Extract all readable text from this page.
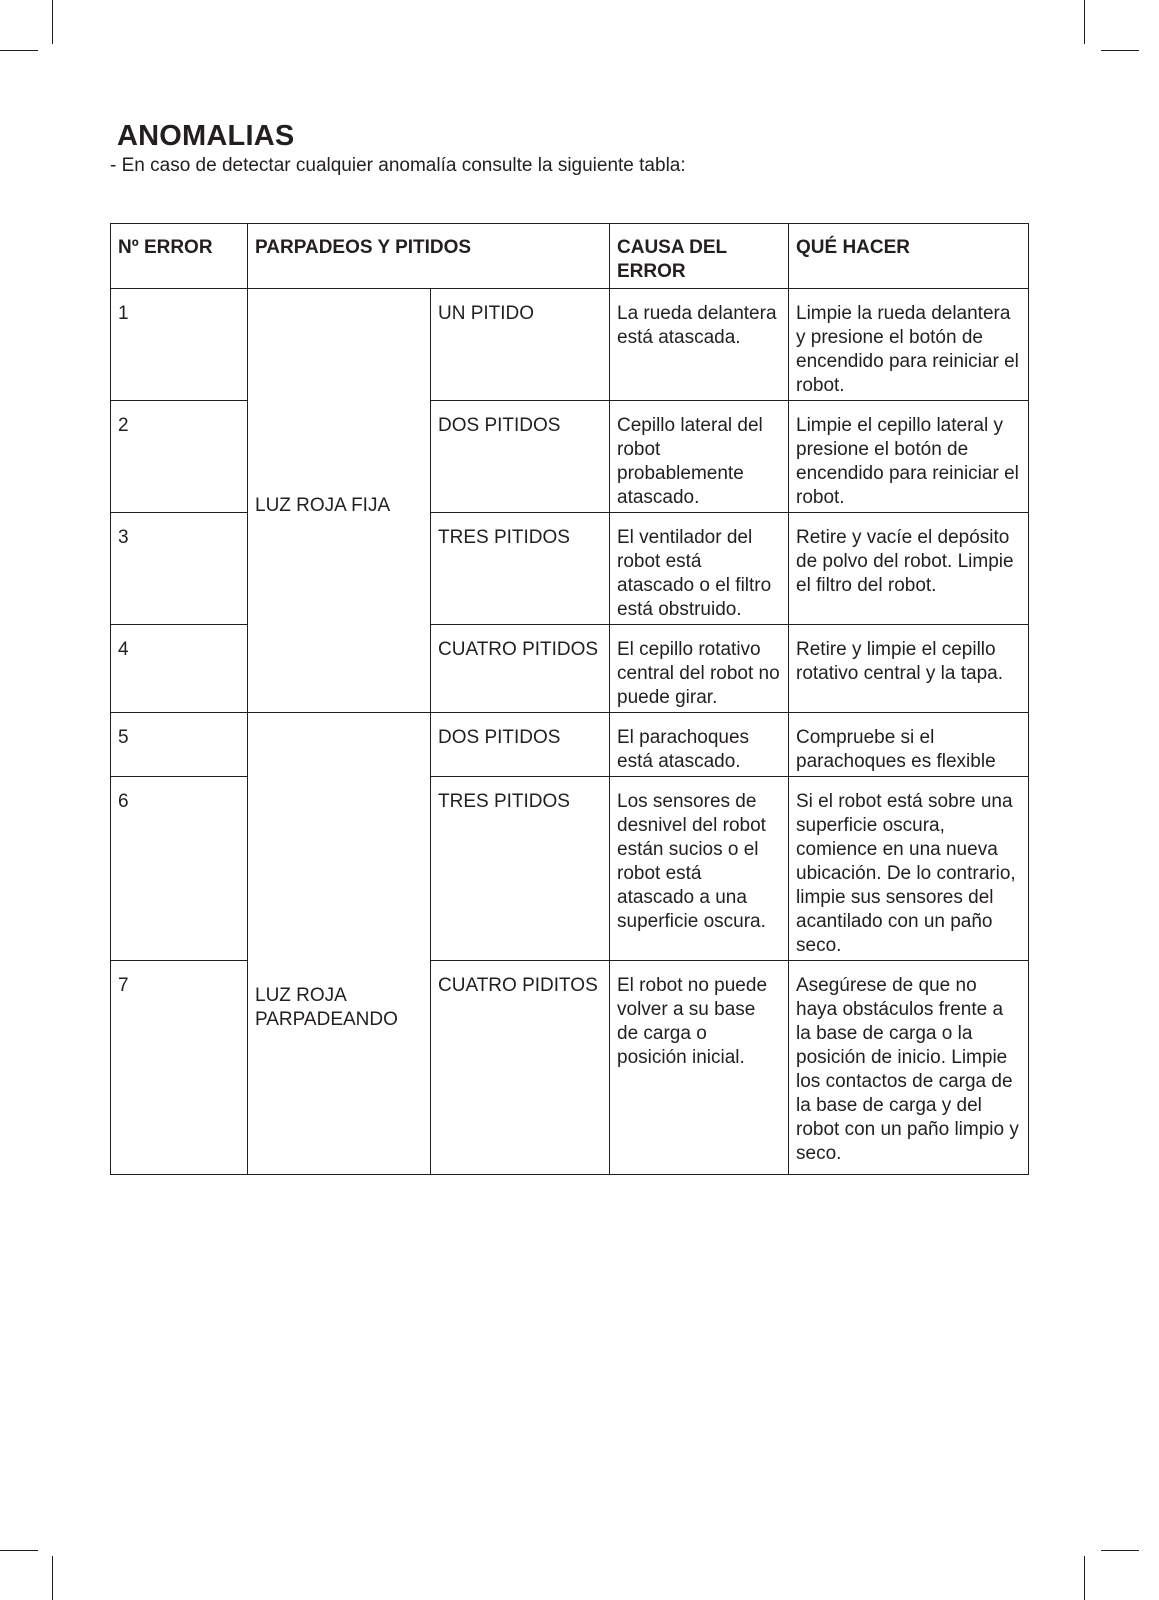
ANOMALIAS

- En caso de detectar cualquier anomalía consulte la siguiente tabla:

Nº ERROR	PARPADEOS Y PITIDOS		CAUSA DEL ERROR	QUÉ HACER
1	LUZ ROJA FIJA	UN PITIDO	La rueda delantera está atascada.	Limpie la rueda delantera y presione el botón de encendido para reiniciar el robot.
2		DOS PITIDOS	Cepillo lateral del robot probablemente atascado.	Limpie el cepillo lateral y presione el botón de encendido para reiniciar el robot.
3		TRES PITIDOS	El ventilador del robot está atascado o el filtro está obstruido.	Retire y vacíe el depósito de polvo del robot. Limpie el filtro del robot.
4		CUATRO PITIDOS	El cepillo rotativo central del robot no puede girar.	Retire y limpie el cepillo rotativo central y la tapa.
5	LUZ ROJA PARPADEANDO	DOS PITIDOS	El parachoques está atascado.	Compruebe si el parachoques es flexible
6		TRES PITIDOS	Los sensores de desnivel del robot están sucios o el robot está atascado a una superficie oscura.	Si el robot está sobre una superficie oscura, comience en una nueva ubicación. De lo contrario, limpie sus sensores del acantilado con un paño seco.
7		CUATRO PIDITOS	El robot no puede volver a su base de carga o posición inicial.	Asegúrese de que no haya obstáculos frente a la base de carga o la posición de inicio. Limpie los contactos de carga de la base de carga y del robot con un paño limpio y seco.
